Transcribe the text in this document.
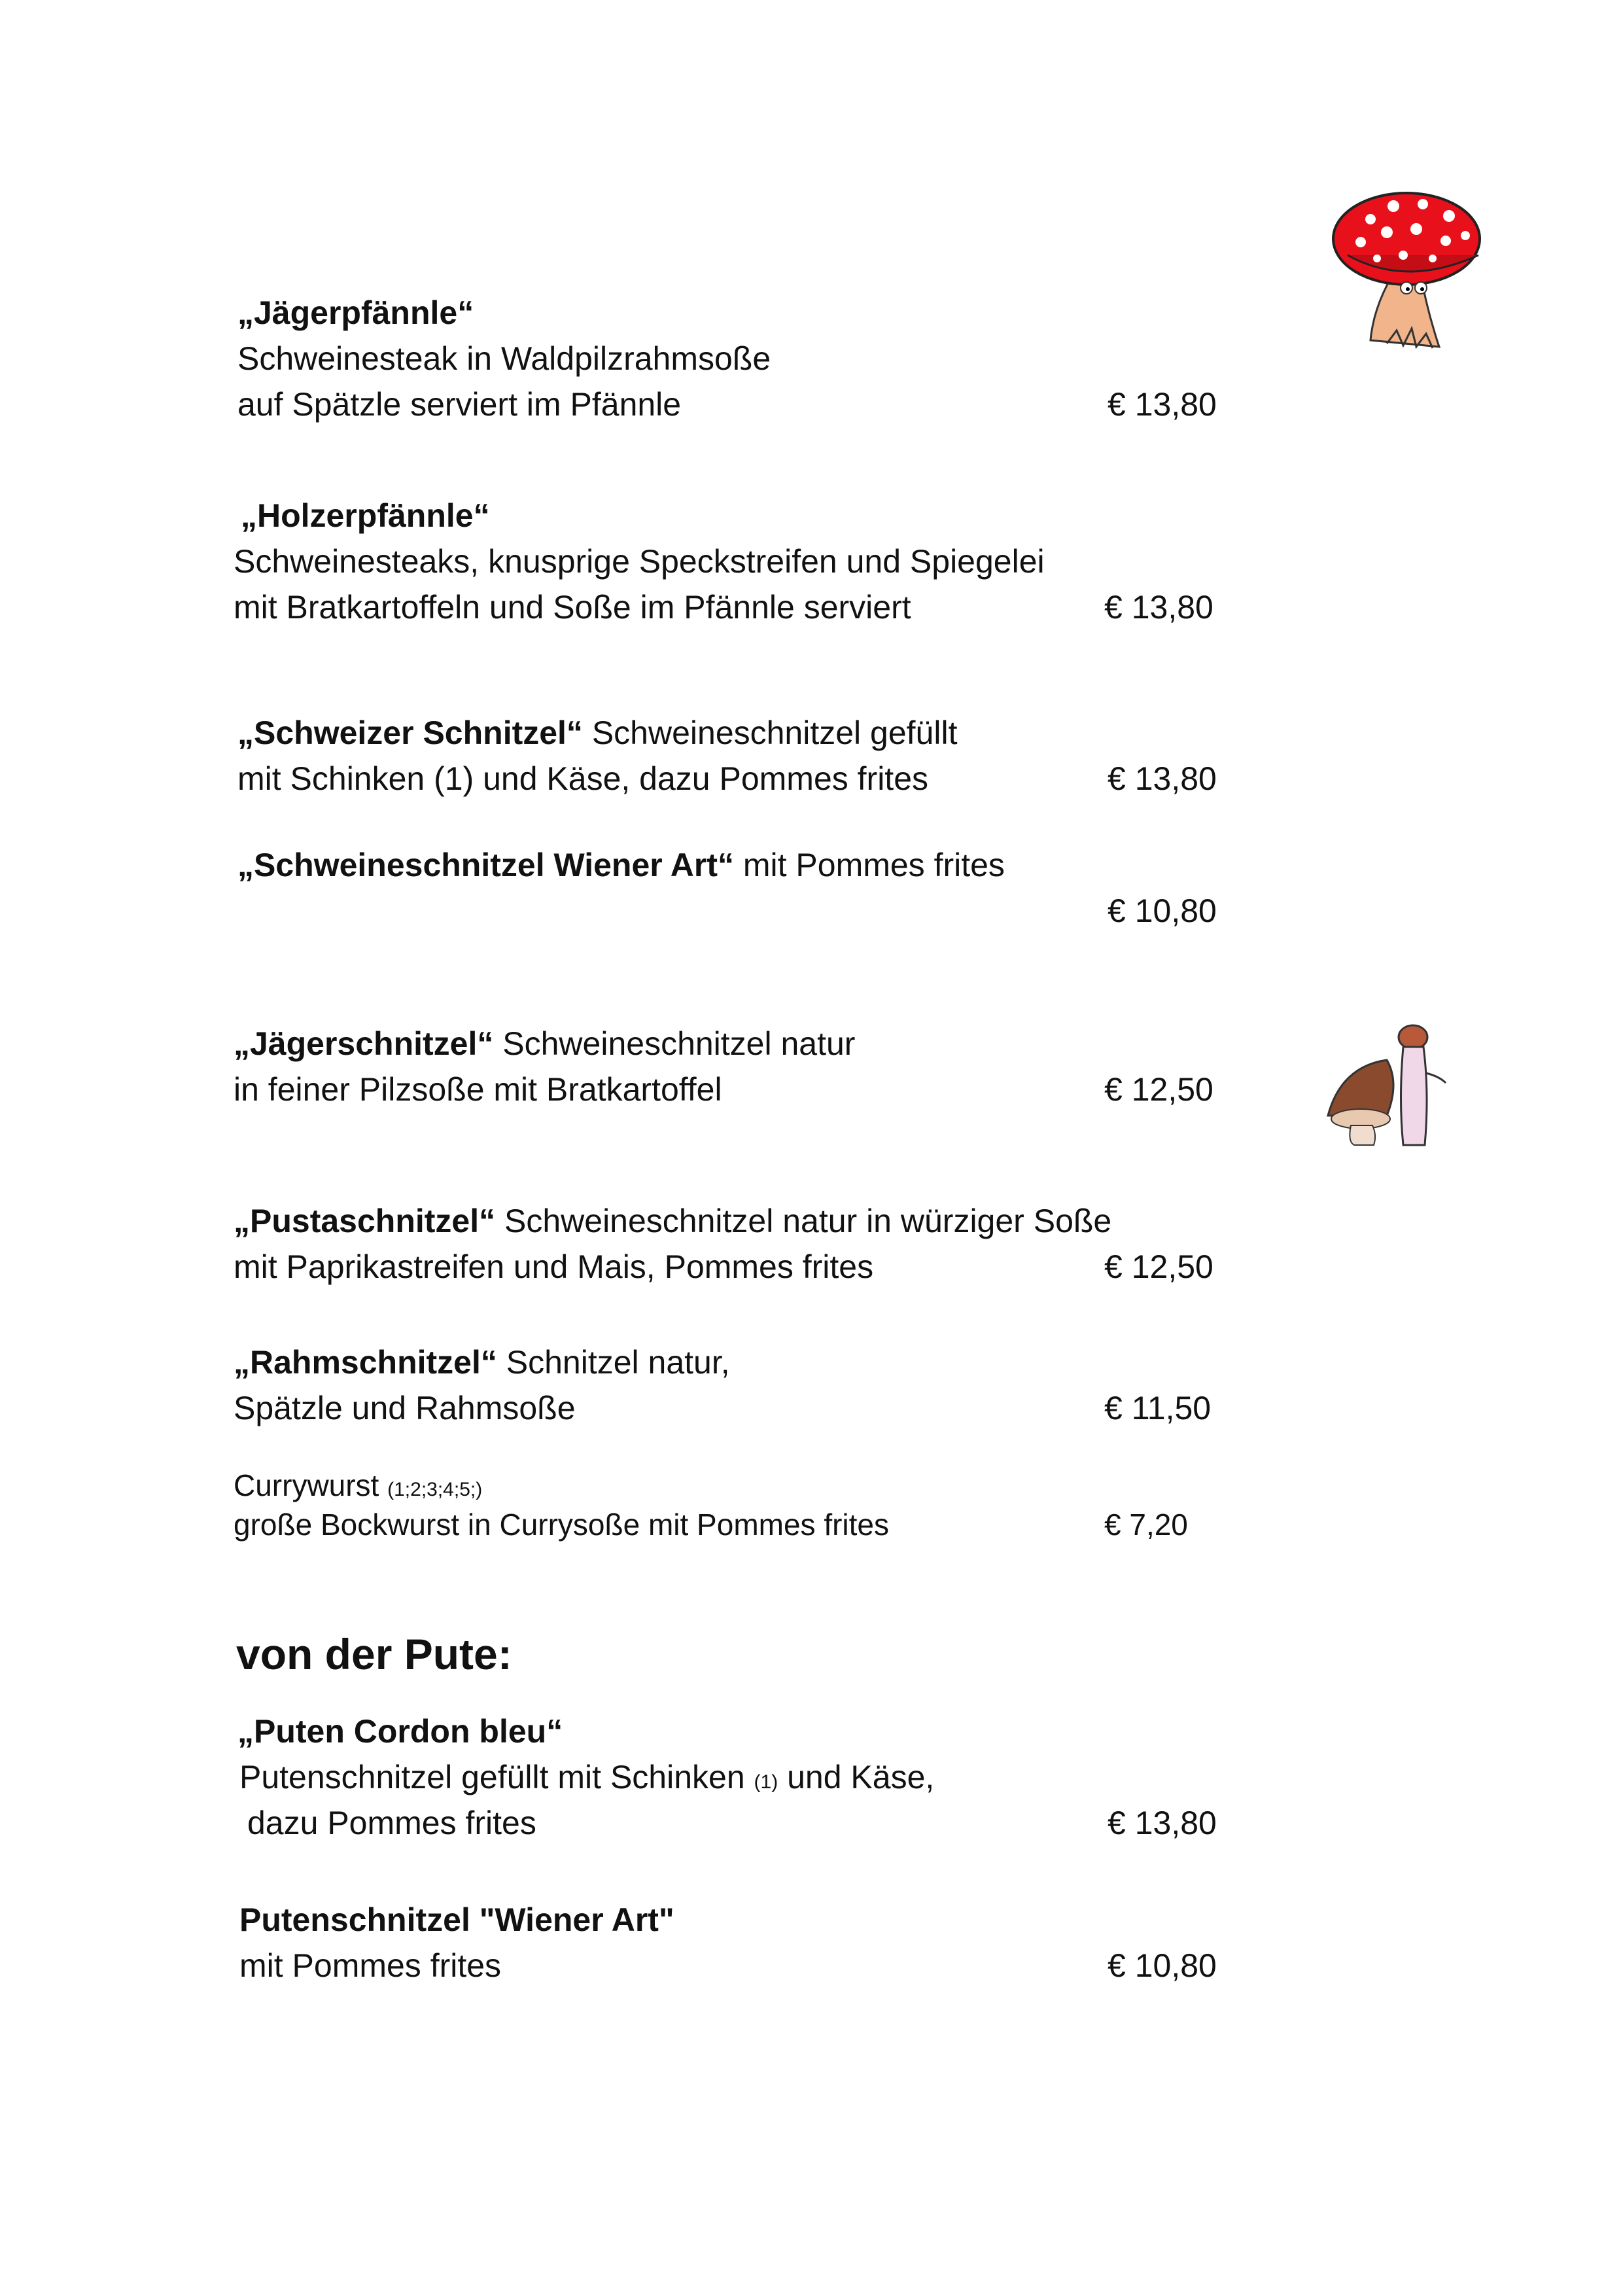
„Jägerpfännle“
Schweinesteak in Waldpilzrahmsoße
auf Spätzle serviert im Pfännle	€ 13,80
„Holzerpfännle“
Schweinesteaks, knusprige Speckstreifen und Spiegelei
mit Bratkartoffeln und Soße im Pfännle serviert	€ 13,80
„Schweizer Schnitzel“ Schweineschnitzel gefüllt
mit Schinken (1) und Käse, dazu Pommes frites	€ 13,80
„Schweineschnitzel Wiener Art“ mit Pommes frites
€ 10,80
„Jägerschnitzel“ Schweineschnitzel natur
in feiner Pilzsoße mit Bratkartoffel	€ 12,50
„Pustaschnitzel“ Schweineschnitzel natur in würziger Soße
mit Paprikastreifen und Mais, Pommes frites	€ 12,50
„Rahmschnitzel“ Schnitzel natur,
Spätzle und Rahmsoße	€ 11,50
Currywurst (1;2;3;4;5;)
große Bockwurst in Currysoße mit Pommes frites	€ 7,20
von der Pute:
„Puten Cordon bleu“
Putenschnitzel gefüllt mit Schinken (1) und Käse,
dazu Pommes frites	€ 13,80
Putenschnitzel "Wiener Art"
mit Pommes frites	€ 10,80
